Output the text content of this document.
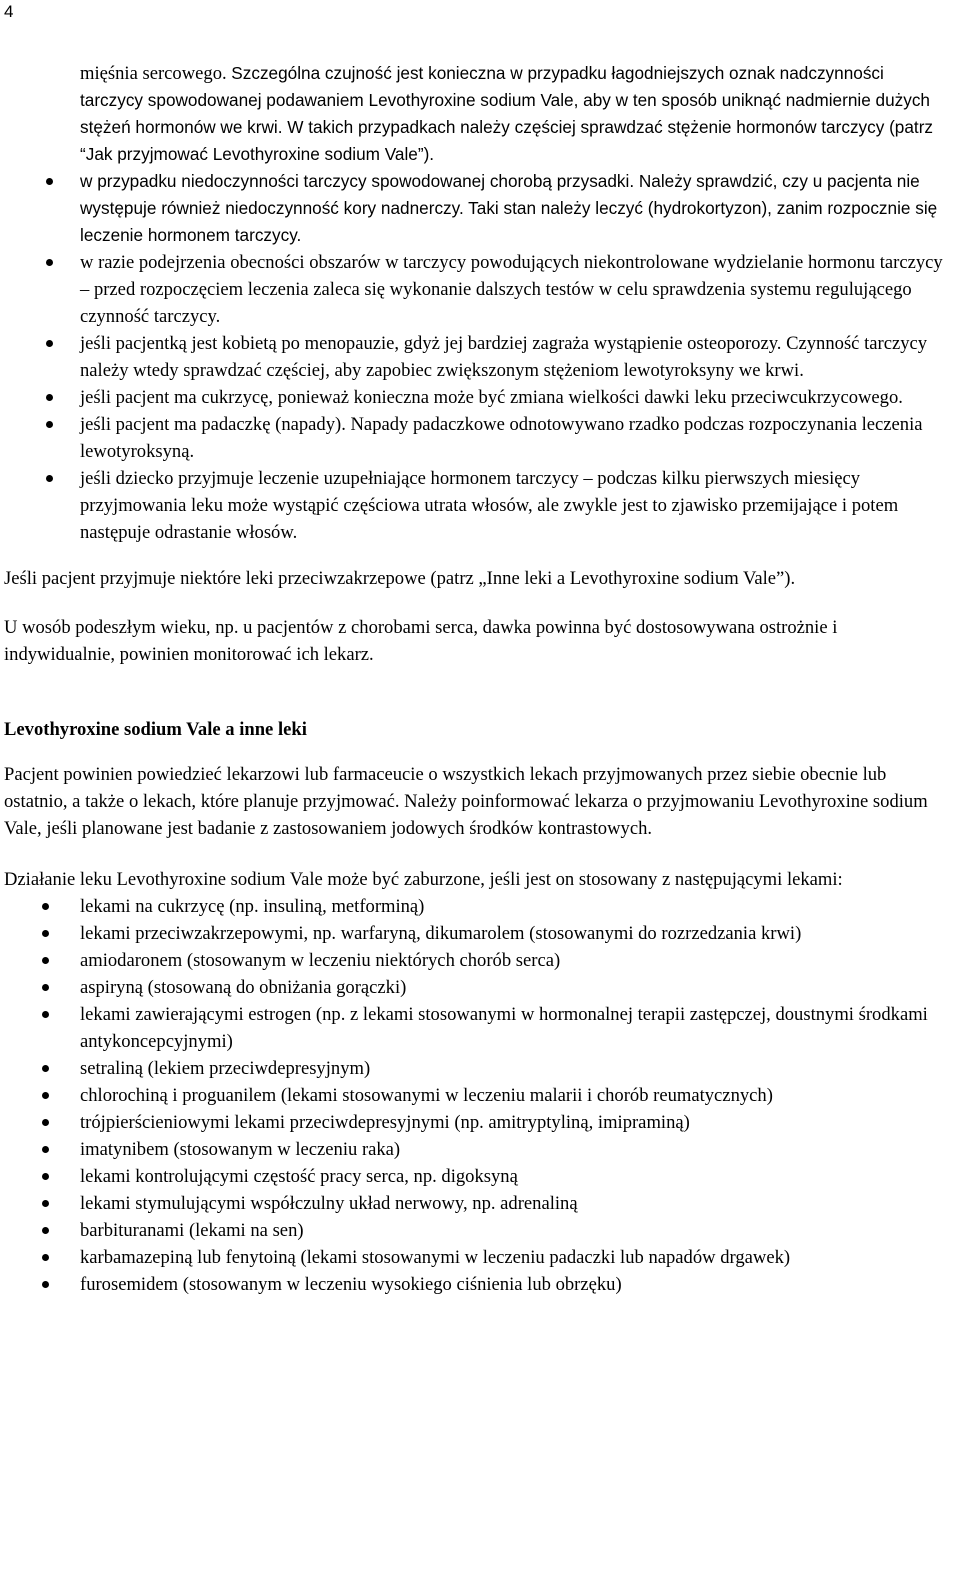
4

mięśnia sercowego. Szczególna czujność jest konieczna w przypadku łagodniejszych oznak nadczynności tarczycy spowodowanej podawaniem Levothyroxine sodium Vale, aby w ten sposób uniknąć nadmiernie dużych stężeń hormonów we krwi. W takich przypadkach należy częściej sprawdzać stężenie hormonów tarczycy (patrz “Jak przyjmować Levothyroxine sodium Vale”).

w przypadku niedoczynności tarczycy spowodowanej chorobą przysadki. Należy sprawdzić, czy u pacjenta nie występuje również niedoczynność kory nadnerczy. Taki stan należy leczyć (hydrokortyzon), zanim rozpocznie się leczenie hormonem tarczycy.
w razie podejrzenia obecności obszarów w tarczycy powodujących niekontrolowane wydzielanie hormonu tarczycy – przed rozpoczęciem leczenia zaleca się wykonanie dalszych testów w celu sprawdzenia systemu regulującego czynność tarczycy.
jeśli pacjentką jest kobietą po menopauzie, gdyż jej bardziej zagraża wystąpienie osteoporozy. Czynność tarczycy należy wtedy sprawdzać częściej, aby zapobiec zwiększonym stężeniom lewotyroksyny we krwi.
jeśli pacjent ma cukrzycę, ponieważ konieczna może być zmiana wielkości dawki leku przeciwcukrzycowego.
jeśli pacjent ma padaczkę (napady). Napady padaczkowe odnotowywano rzadko podczas rozpoczynania leczenia lewotyroksyną.
jeśli dziecko przyjmuje leczenie uzupełniające hormonem tarczycy – podczas kilku pierwszych miesięcy przyjmowania leku może wystąpić częściowa utrata włosów, ale zwykle jest to zjawisko przemijające i potem następuje odrastanie włosów.

Jeśli pacjent przyjmuje niektóre leki przeciwzakrzepowe (patrz „Inne leki a Levothyroxine sodium Vale”).

U wosób podeszłym wieku, np. u pacjentów z chorobami serca, dawka powinna być dostosowywana ostrożnie i indywidualnie, powinien monitorować ich lekarz.

Levothyroxine sodium Vale a inne leki

Pacjent powinien powiedzieć lekarzowi lub farmaceucie o wszystkich lekach przyjmowanych przez siebie obecnie lub ostatnio, a także o lekach, które planuje przyjmować. Należy poinformować lekarza o przyjmowaniu Levothyroxine sodium Vale, jeśli planowane jest badanie z zastosowaniem jodowych środków kontrastowych.

Działanie leku Levothyroxine sodium Vale może być zaburzone, jeśli jest on stosowany z następującymi lekami:

lekami na cukrzycę (np. insuliną, metforminą)
lekami przeciwzakrzepowymi, np. warfaryną, dikumarolem (stosowanymi do rozrzedzania krwi)
amiodaronem (stosowanym w leczeniu niektórych chorób serca)
aspiryną (stosowaną do obniżania gorączki)
lekami zawierającymi estrogen (np. z lekami stosowanymi w hormonalnej terapii zastępczej, doustnymi środkami antykoncepcyjnymi)
setraliną (lekiem przeciwdepresyjnym)
chlorochiną i proguanilem (lekami stosowanymi w leczeniu malarii i chorób reumatycznych)
trójpierścieniowymi lekami przeciwdepresyjnymi (np. amitryptyliną, imipraminą)
imatynibem (stosowanym w leczeniu raka)
lekami kontrolującymi częstość pracy serca, np. digoksyną
lekami stymulującymi współczulny układ nerwowy, np. adrenaliną
barbituranami (lekami na sen)
karbamazepiną lub fenytoiną (lekami stosowanymi w leczeniu padaczki lub napadów drgawek)
furosemidem (stosowanym w leczeniu wysokiego ciśnienia lub obrzęku)
